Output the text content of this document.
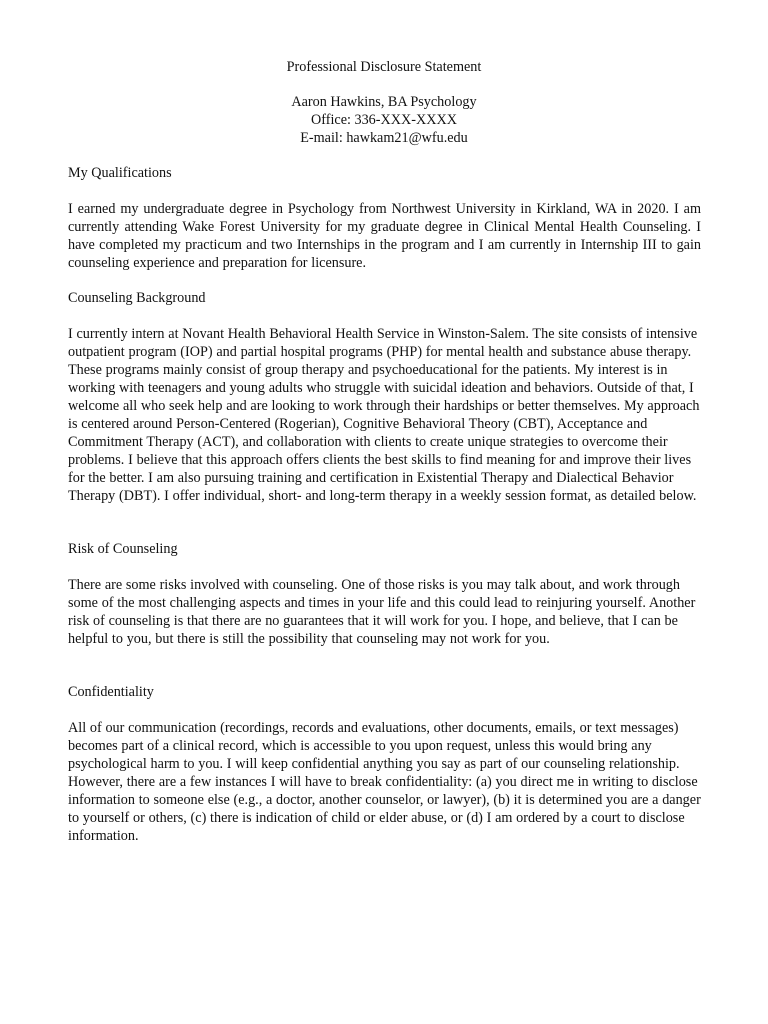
Professional Disclosure Statement
Aaron Hawkins, BA Psychology
Office: 336-XXX-XXXX
E-mail: hawkam21@wfu.edu
My Qualifications
I earned my undergraduate degree in Psychology from Northwest University in Kirkland, WA in 2020. I am currently attending Wake Forest University for my graduate degree in Clinical Mental Health Counseling. I have completed my practicum and two Internships in the program and I am currently in Internship III to gain counseling experience and preparation for licensure.
Counseling Background
I currently intern at Novant Health Behavioral Health Service in Winston-Salem. The site consists of intensive outpatient program (IOP) and partial hospital programs (PHP) for mental health and substance abuse therapy. These programs mainly consist of group therapy and psychoeducational for the patients. My interest is in working with teenagers and young adults who struggle with suicidal ideation and behaviors. Outside of that, I welcome all who seek help and are looking to work through their hardships or better themselves. My approach is centered around Person-Centered (Rogerian), Cognitive Behavioral Theory (CBT), Acceptance and Commitment Therapy (ACT), and collaboration with clients to create unique strategies to overcome their problems. I believe that this approach offers clients the best skills to find meaning for and improve their lives for the better. I am also pursuing training and certification in Existential Therapy and Dialectical Behavior Therapy (DBT). I offer individual, short- and long-term therapy in a weekly session format, as detailed below.
Risk of Counseling
There are some risks involved with counseling. One of those risks is you may talk about, and work through some of the most challenging aspects and times in your life and this could lead to reinjuring yourself. Another risk of counseling is that there are no guarantees that it will work for you. I hope, and believe, that I can be helpful to you, but there is still the possibility that counseling may not work for you.
Confidentiality
All of our communication (recordings, records and evaluations, other documents, emails, or text messages) becomes part of a clinical record, which is accessible to you upon request, unless this would bring any psychological harm to you. I will keep confidential anything you say as part of our counseling relationship. However, there are a few instances I will have to break confidentiality: (a) you direct me in writing to disclose information to someone else (e.g., a doctor, another counselor, or lawyer), (b) it is determined you are a danger to yourself or others, (c) there is indication of child or elder abuse, or (d) I am ordered by a court to disclose information.
